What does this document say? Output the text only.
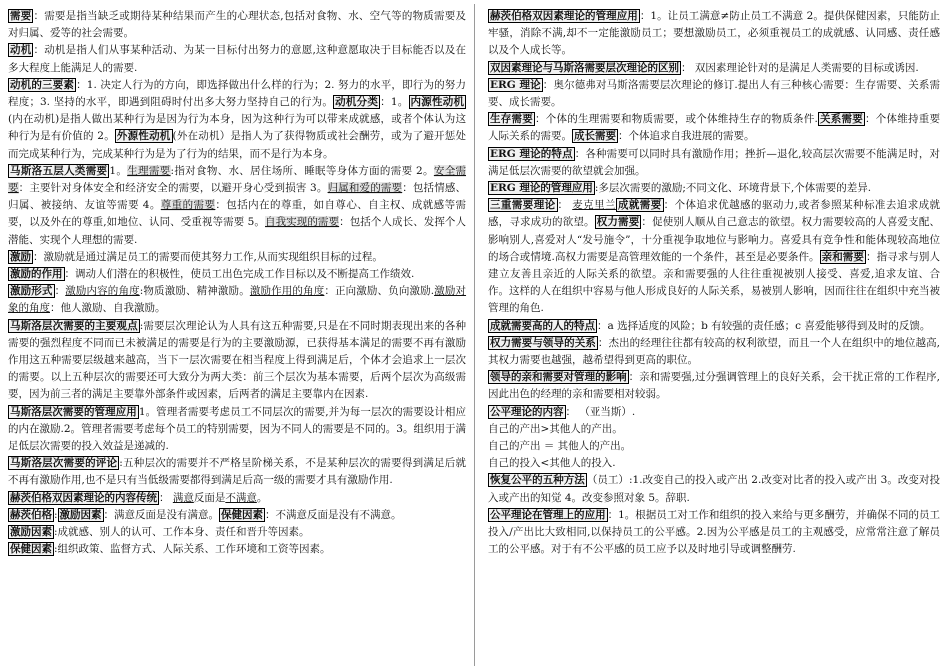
需要 ：需要是指当缺乏或期待某种结果而产生的心理状态,包括对食物、水、空气等的物质需要及对归属、爱等的社会需要。

动机 ：动机是指人们从事某种活动、为某一目标付出努力的意愿,这种意愿取决于目标能否以及在多大程度上能满足人的需要.

动机的三要素 ：1. 决定人行为的方向，即选择做出什么样的行为；2. 努力的水平，即行为的努力程度；3. 坚持的水平，即遇到阻碍时付出多大努力坚持自己的行为。 动机分类 ：1。 内源性动机(内在动机)是指人做出某种行为是因为行为本身，因为这种行为可以带来成就感，或者个体认为这种行为是有价值的 2。 外源性动机 (外在动机）是指人为了获得物质或社会酬劳，或为了避开惩处而完成某种行为，完成某种行为是为了行为的结果，而不是行为本身。

马斯洛五层人类需要 1。生理需要:指对食物、水、居住场所、睡眠等身体方面的需要 2。安全需要：主要针对身体安全和经济安全的需要，以避开身心受到损害 3。归属和爱的需要：包括情感、归属、被接纳、友谊等需要 4。尊重的需要：包括内在的尊重，如自尊心、自主权、成就感等需要，以及外在的尊重,如地位、认同、受重视等需要 5。自我实现的需要：包括个人成长、发挥个人潜能、实现个人理想的需要.

激励 ：激励就是通过满足员工的需要而使其努力工作,从而实现组织目标的过程。

激励的作用 ：调动人们潜在的积极性，使员工出色完成工作目标以及不断提高工作绩效.

激励形式 ：激励内容的角度:物质激励、精神激励。激励作用的角度：正向激励、负向激励.激励对象的角度：他人激励、自我激励。

马斯洛层次需要的主要观点 :需要层次理论认为人具有这五种需要,只是在不同时期表现出来的各种需要的强烈程度不同而已未被满足的需要是行为的主要激励源，已获得基本满足的需要不再有激励作用这五种需要层级越来越高，当下一层次需要在相当程度上得到满足后，个体才会追求上一层次的需要。以上五种层次的需要还可大致分为两大类：前三个层次为基本需要，后两个层次为高级需要，因为前三者的满足主要靠外部条件或因素，后两者的满足主要靠内在因素.

马斯洛层次需要的管理应用 1。管理者需要考虑员工不同层次的需要,并为每一层次的需要设计相应的内在激励.2。管理者需要考虑每个员工的特别需要，因为不同人的需要是不同的。3。组织用于满足低层次需要的投入效益是递减的.

马斯洛层次需要的评论 :五种层次的需要并不严格呈阶梯关系，不是某种层次的需要得到满足后就不再有激励作用,也不是只有当低级需要都得到满足后高一级的需要才具有激励作用.

赫茨伯格双因素理论的内容传统 ： 满意反面是不满意。

赫茨伯格 : 激励因素 ：满意反面是没有满意。 保健因素 ：不满意反面是没有不满意。

激励因素 :成就感、别人的认可、工作本身、责任和晋升等因素。

保健因素 :组织政策、监督方式、人际关系、工作环境和工资等因素。

赫茨伯格双因素理论的管理应用 ：1。让员工满意≠防止员工不满意 2。提供保健因素，只能防止牢骚，消除不满,却不一定能激励员工；要想激励员工，必须重视员工的成就感、认同感、责任感以及个人成长等。

双因素理论与马斯洛需要层次理论的区别 ： 双因素理论针对的是满足人类需要的目标或诱因.

ERG 理论 ：奥尔德弗对马斯洛需要层次理论的修订.提出人有三种核心需要：生存需要、关系需要、成长需要。

生存需要 ：个体的生理需要和物质需要，或个体维持生存的物质条件. 关系需要 ：个体维持重要人际关系的需要。 成长需要 ：个体追求自我进展的需要。

ERG 理论的特点 ：各种需要可以同时具有激励作用；挫折—退化,较高层次需要不能满足时，对满足低层次需要的欲望就会加强。

ERG 理论的管理应用 :多层次需要的激励;不同文化、环境背景下,个体需要的差异.

三重需要理论 ： 麦克里兰 成就需要 ：个体追求优越感的驱动力,或者参照某种标准去追求成就感，寻求成功的欲望。 权力需要 ：促使别人顺从自己意志的欲望。权力需要较高的人喜爱支配、影响别人,喜爱对人“发号施令”，十分重视争取地位与影响力。喜爱具有竞争性和能体现较高地位的场合或情境.高权力需要是高管理效能的一个条件，甚至是必要条件。 亲和需要 ：指寻求与别人建立友善且亲近的人际关系的欲望。亲和需要强的人往往重视被别人接受、喜爱,追求友谊、合作。这样的人在组织中容易与他人形成良好的人际关系，易被别人影响，因而往往在组织中充当被管理的角色.

成就需要高的人的特点 ：a 选择适度的风险；b 有较强的责任感；c 喜爱能够得到及时的反馈。

权力需要与领导的关系 ：杰出的经理往往都有较高的权利欲望，而且一个人在组织中的地位越高,其权力需要也越强，越希望得到更高的职位。

领导的亲和需要对管理的影响 ：亲和需要强,过分强调管理上的良好关系，会干扰正常的工作程序,因此出色的经理的亲和需要相对较弱。

公平理论的内容 ： （亚当斯）.

自己的产出>其他人的产出。

自己的产出 ＝ 其他人的产出。

自己的投入<其他人的投入.

恢复公平的五种方法 （员工）:1.改变自己的投入或产出 2.改变对比者的投入或产出 3。改变对投入或产出的知觉 4。改变参照对象 5。辞职.

公平理论在管理上的应用 ：1。根据员工对工作和组织的投入来给与更多酬劳，并确保不同的员工投入/产出比大致相同,以保持员工的公平感。2.因为公平感是员工的主观感受，应常常注意了解员工的公平感。对于有不公平感的员工应予以及时地引导或调整酬劳.
